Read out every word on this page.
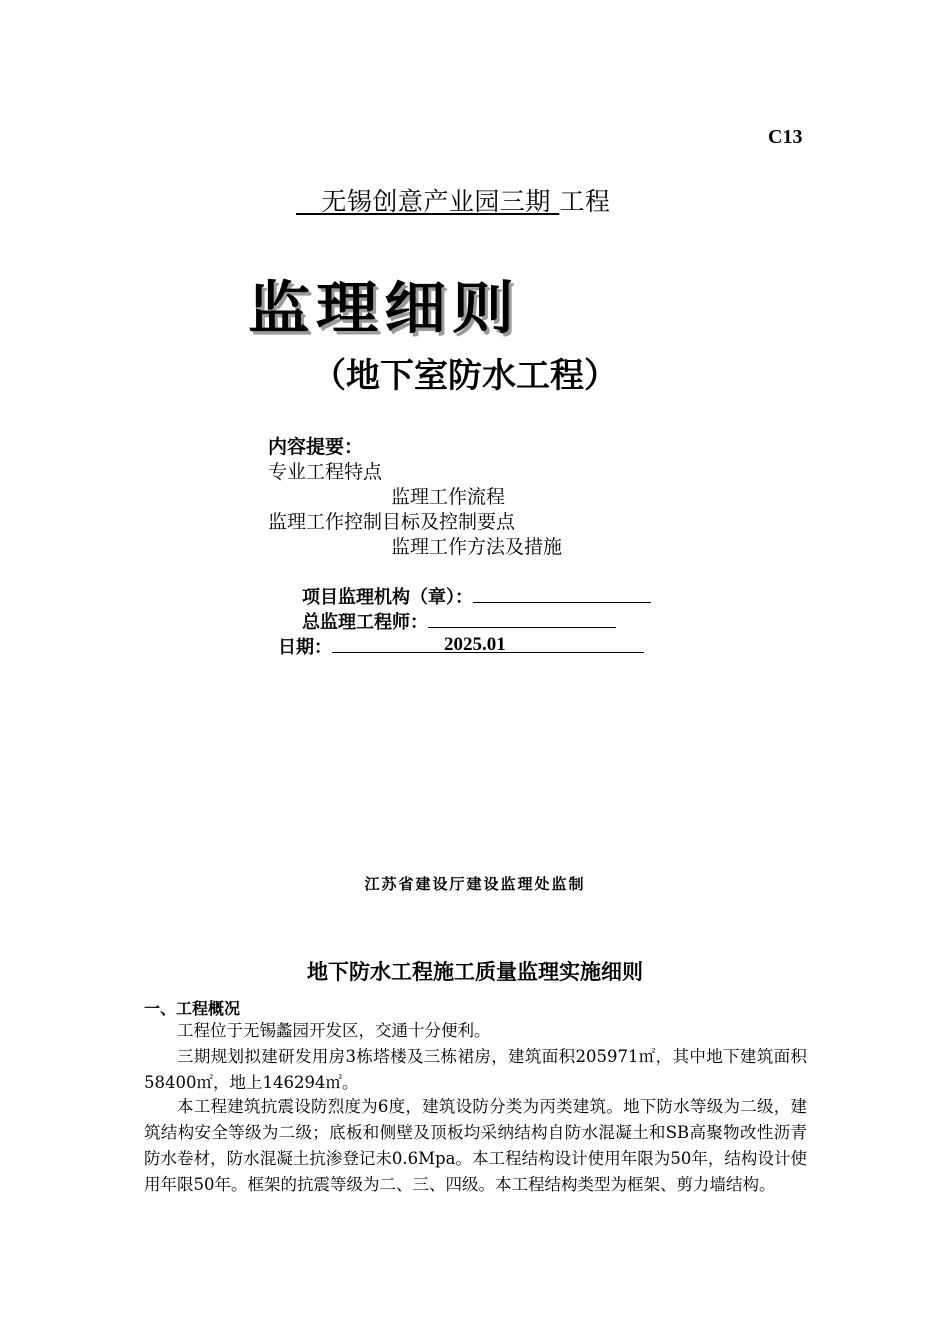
C13
无锡创意产业园三期 工程
监理细则
（地下室防水工程）
内容提要：
专业工程特点
监理工作流程
监理工作控制目标及控制要点
监理工作方法及措施
项目监理机构（章）：
总监理工程师：
日期：	2025.01
江苏省建设厅建设监理处监制
地下防水工程施工质量监理实施细则
一、工程概况

工程位于无锡蠡园开发区，交通十分便利。

三期规划拟建研发用房3栋塔楼及三栋裙房，建筑面积205971㎡，其中地下建筑面积58400㎡，地上146294㎡。

本工程建筑抗震设防烈度为6度，建筑设防分类为丙类建筑。地下防水等级为二级，建筑结构安全等级为二级；底板和侧壁及顶板均采纳结构自防水混凝土和SB高聚物改性沥青防水卷材，防水混凝土抗渗登记未0.6Mpa。本工程结构设计使用年限为50年，结构设计使用年限50年。框架的抗震等级为二、三、四级。本工程结构类型为框架、剪力墙结构。
